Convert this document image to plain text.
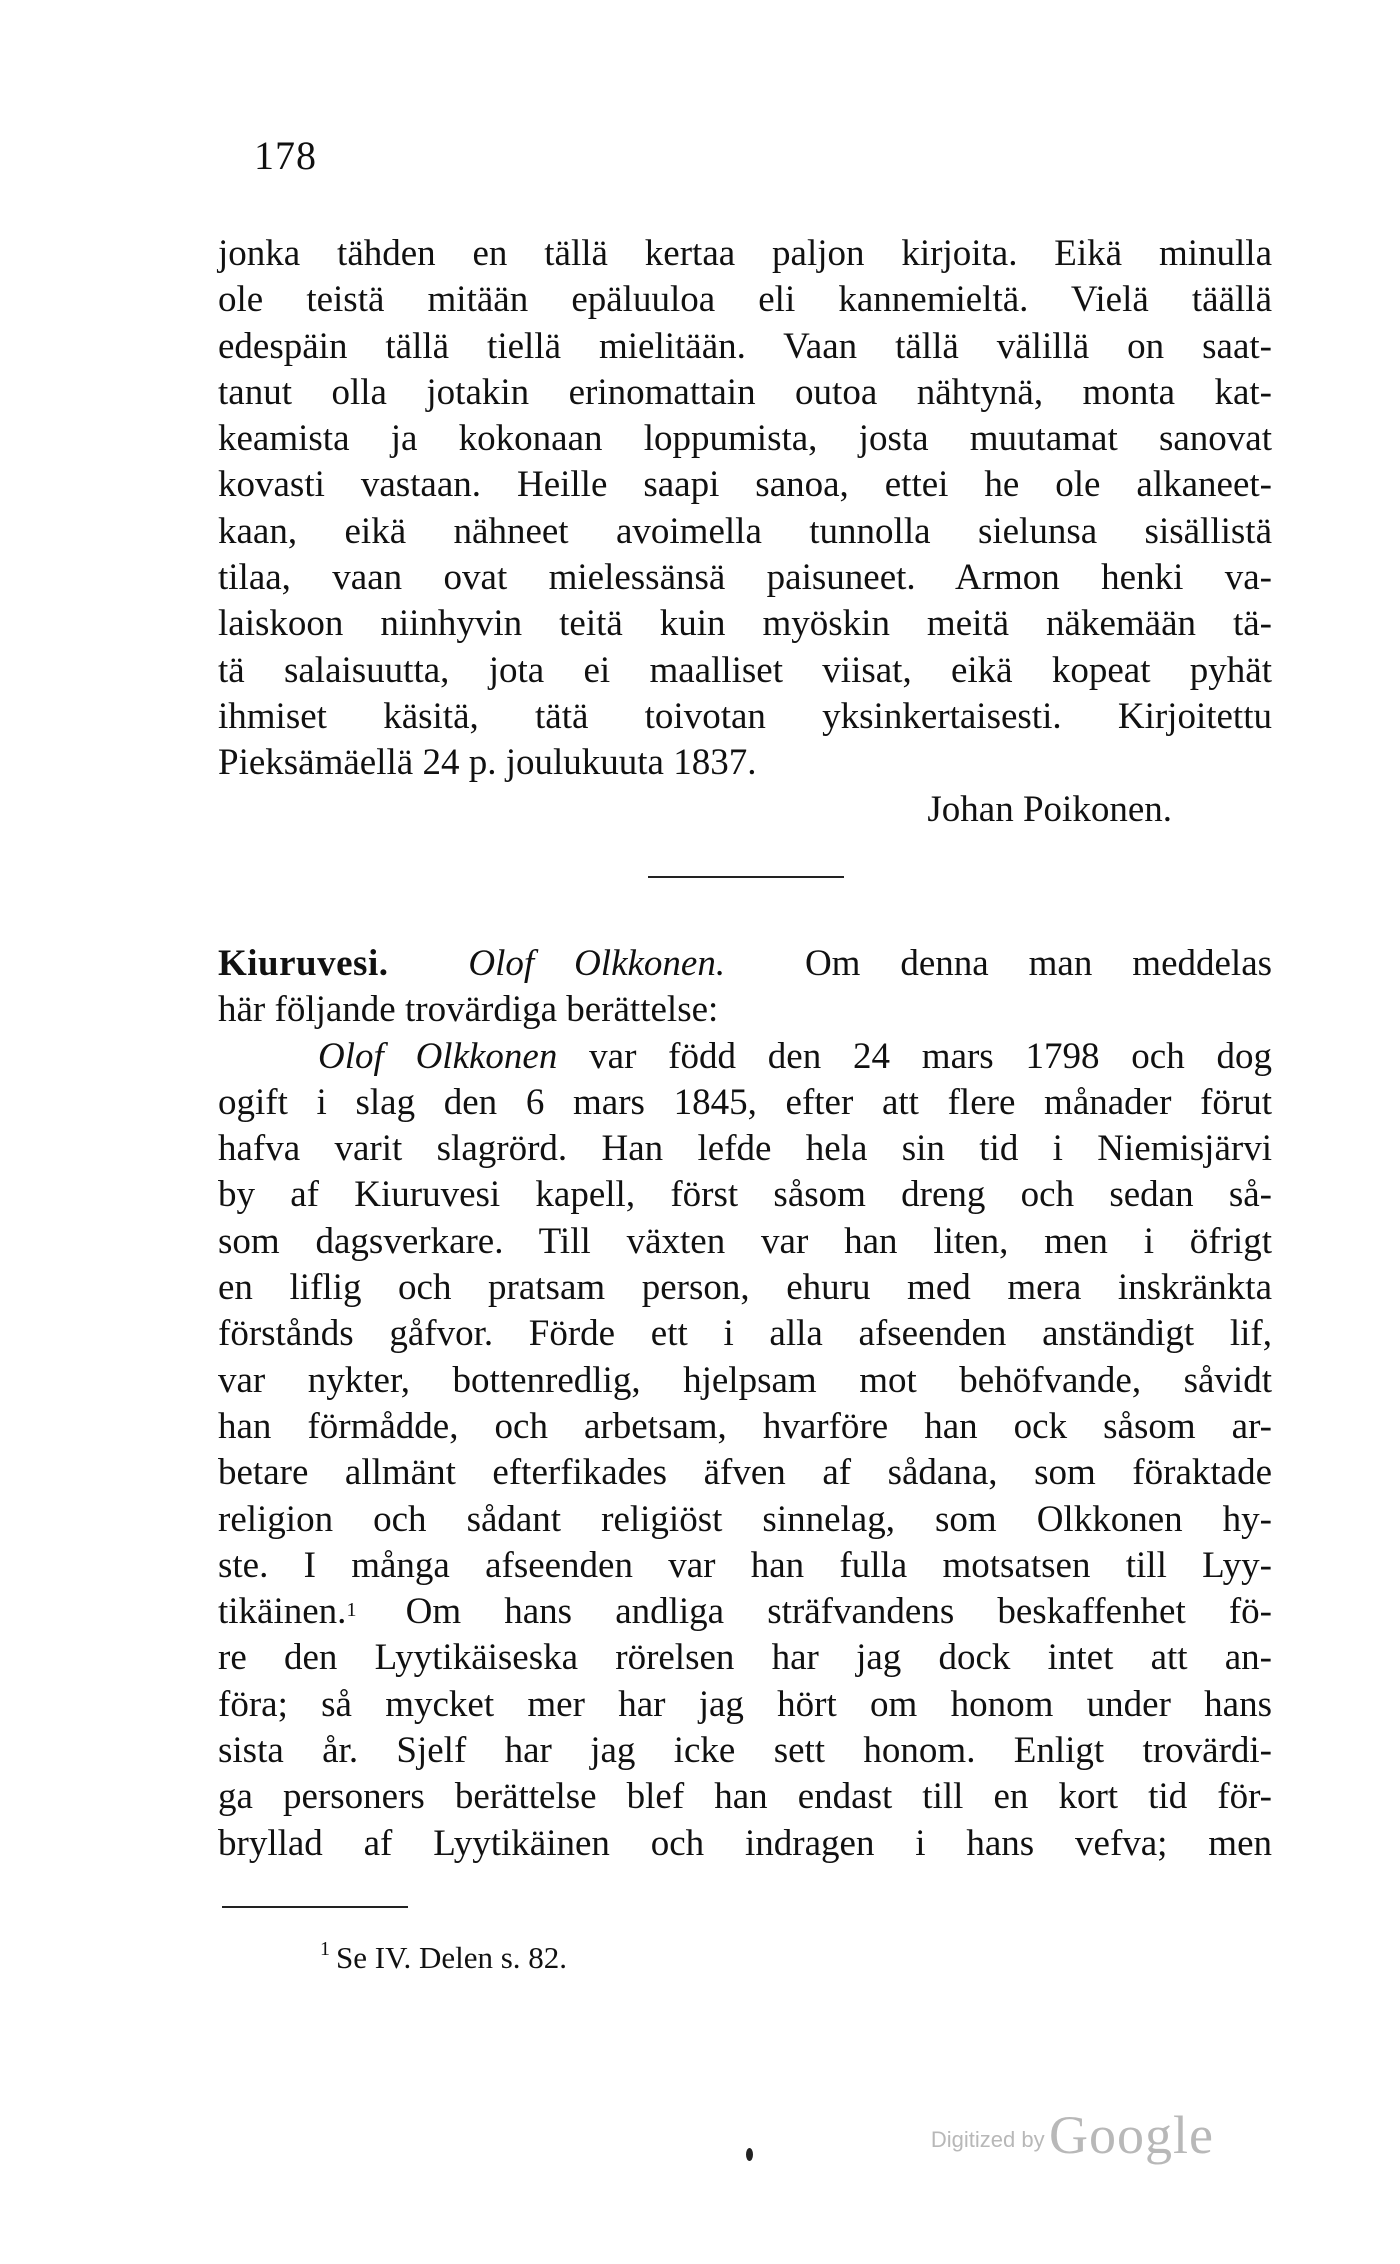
178
jonka tähden en tällä kertaa paljon kirjoita. Eikä minulla
ole teistä mitään epäluuloa eli kannemieltä. Vielä täällä
edespäin tällä tiellä mielitään. Vaan tällä välillä on saat-
tanut olla jotakin erinomattain outoa nähtynä, monta kat-
keamista ja kokonaan loppumista, josta muutamat sanovat
kovasti vastaan. Heille saapi sanoa, ettei he ole alkaneet-
kaan, eikä nähneet avoimella tunnolla sielunsa sisällistä
tilaa, vaan ovat mielessänsä paisuneet. Armon henki va-
laiskoon niinhyvin teitä kuin myöskin meitä näkemään tä-
tä salaisuutta, jota ei maalliset viisat, eikä kopeat pyhät
ihmiset käsitä, tätä toivotan yksinkertaisesti. Kirjoitettu
Pieksämäellä 24 p. joulukuuta 1837.
Johan Poikonen.
Kiuruvesi. Olof Olkkonen. Om denna man meddelas
här följande trovärdiga berättelse:
Olof Olkkonen var född den 24 mars 1798 och dog
ogift i slag den 6 mars 1845, efter att flere månader förut
hafva varit slagrörd. Han lefde hela sin tid i Niemisjärvi
by af Kiuruvesi kapell, först såsom dreng och sedan så-
som dagsverkare. Till växten var han liten, men i öfrigt
en liflig och pratsam person, ehuru med mera inskränkta
förstånds gåfvor. Förde ett i alla afseenden anständigt lif,
var nykter, bottenredlig, hjelpsam mot behöfvande, såvidt
han förmådde, och arbetsam, hvarföre han ock såsom ar-
betare allmänt efterfikades äfven af sådana, som föraktade
religion och sådant religiöst sinnelag, som Olkkonen hy-
ste. I många afseenden var han fulla motsatsen till Lyy-
tikäinen.$^1$ Om hans andliga sträfvandens beskaffenhet fö-
re den Lyytikäiseska rörelsen har jag dock intet att an-
föra; så mycket mer har jag hört om honom under hans
sista år. Sjelf har jag icke sett honom. Enligt trovärdi-
ga personers berättelse blef han endast till en kort tid för-
bryllad af Lyytikäinen och indragen i hans vefva; men
$^1$ Se IV. Delen s. 82.
Digitized by Google
